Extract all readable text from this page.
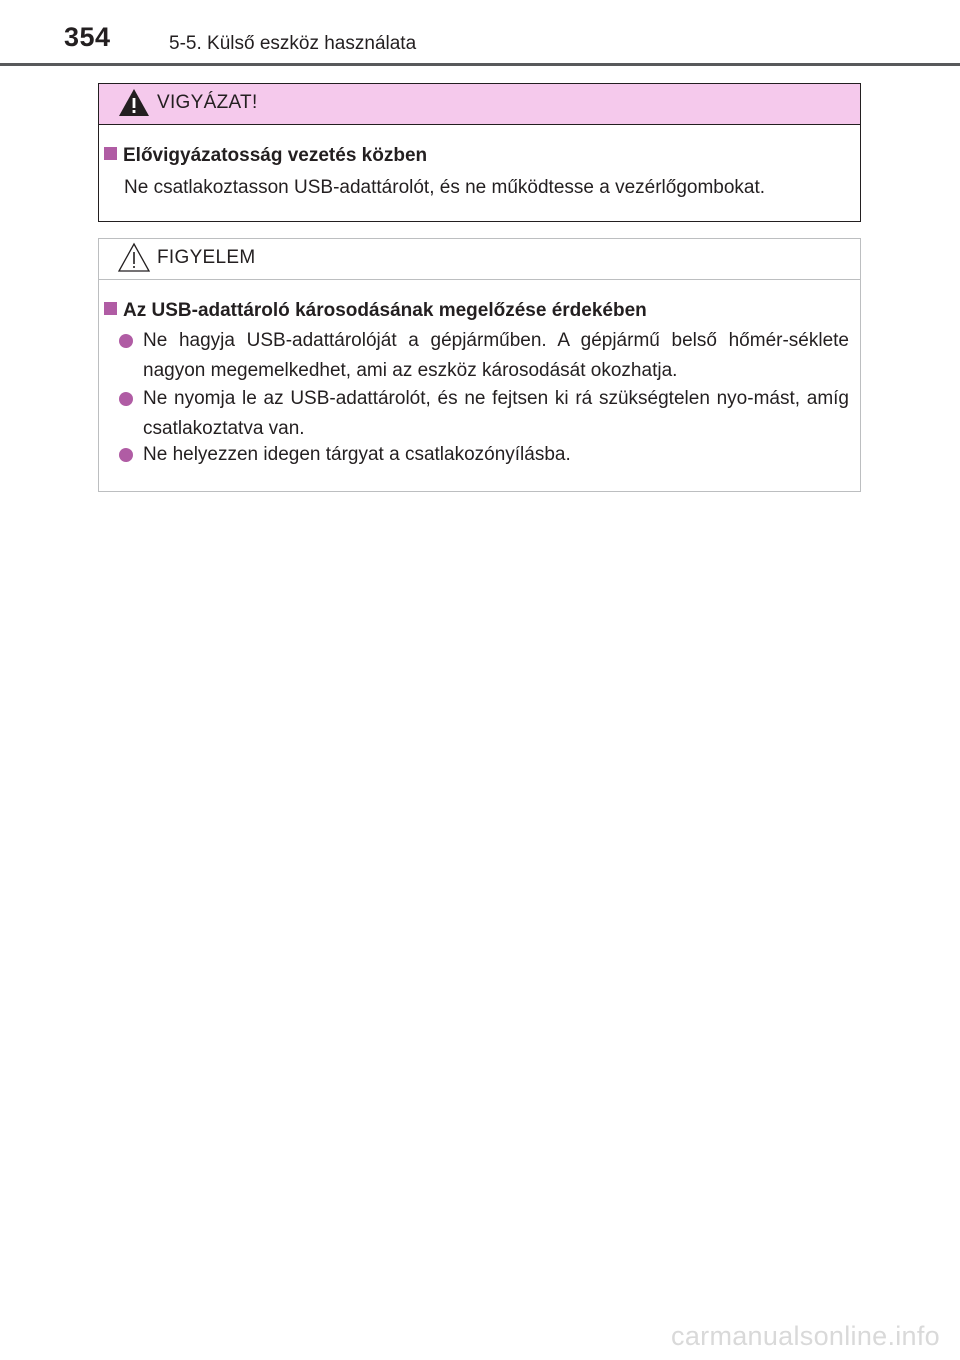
354	5-5. Külső eszköz használata
VIGYÁZAT!
Elővigyázatosság vezetés közben
Ne csatlakoztasson USB-adattárolót, és ne működtesse a vezérlőgombokat.
FIGYELEM
Az USB-adattároló károsodásának megelőzése érdekében
Ne hagyja USB-adattárolóját a gépjárműben. A gépjármű belső hőmér-séklete nagyon megemelkedhet, ami az eszköz károsodását okozhatja.
Ne nyomja le az USB-adattárolót, és ne fejtsen ki rá szükségtelen nyo-mást, amíg csatlakoztatva van.
Ne helyezzen idegen tárgyat a csatlakozónyílásba.
carmanualsonline.info
